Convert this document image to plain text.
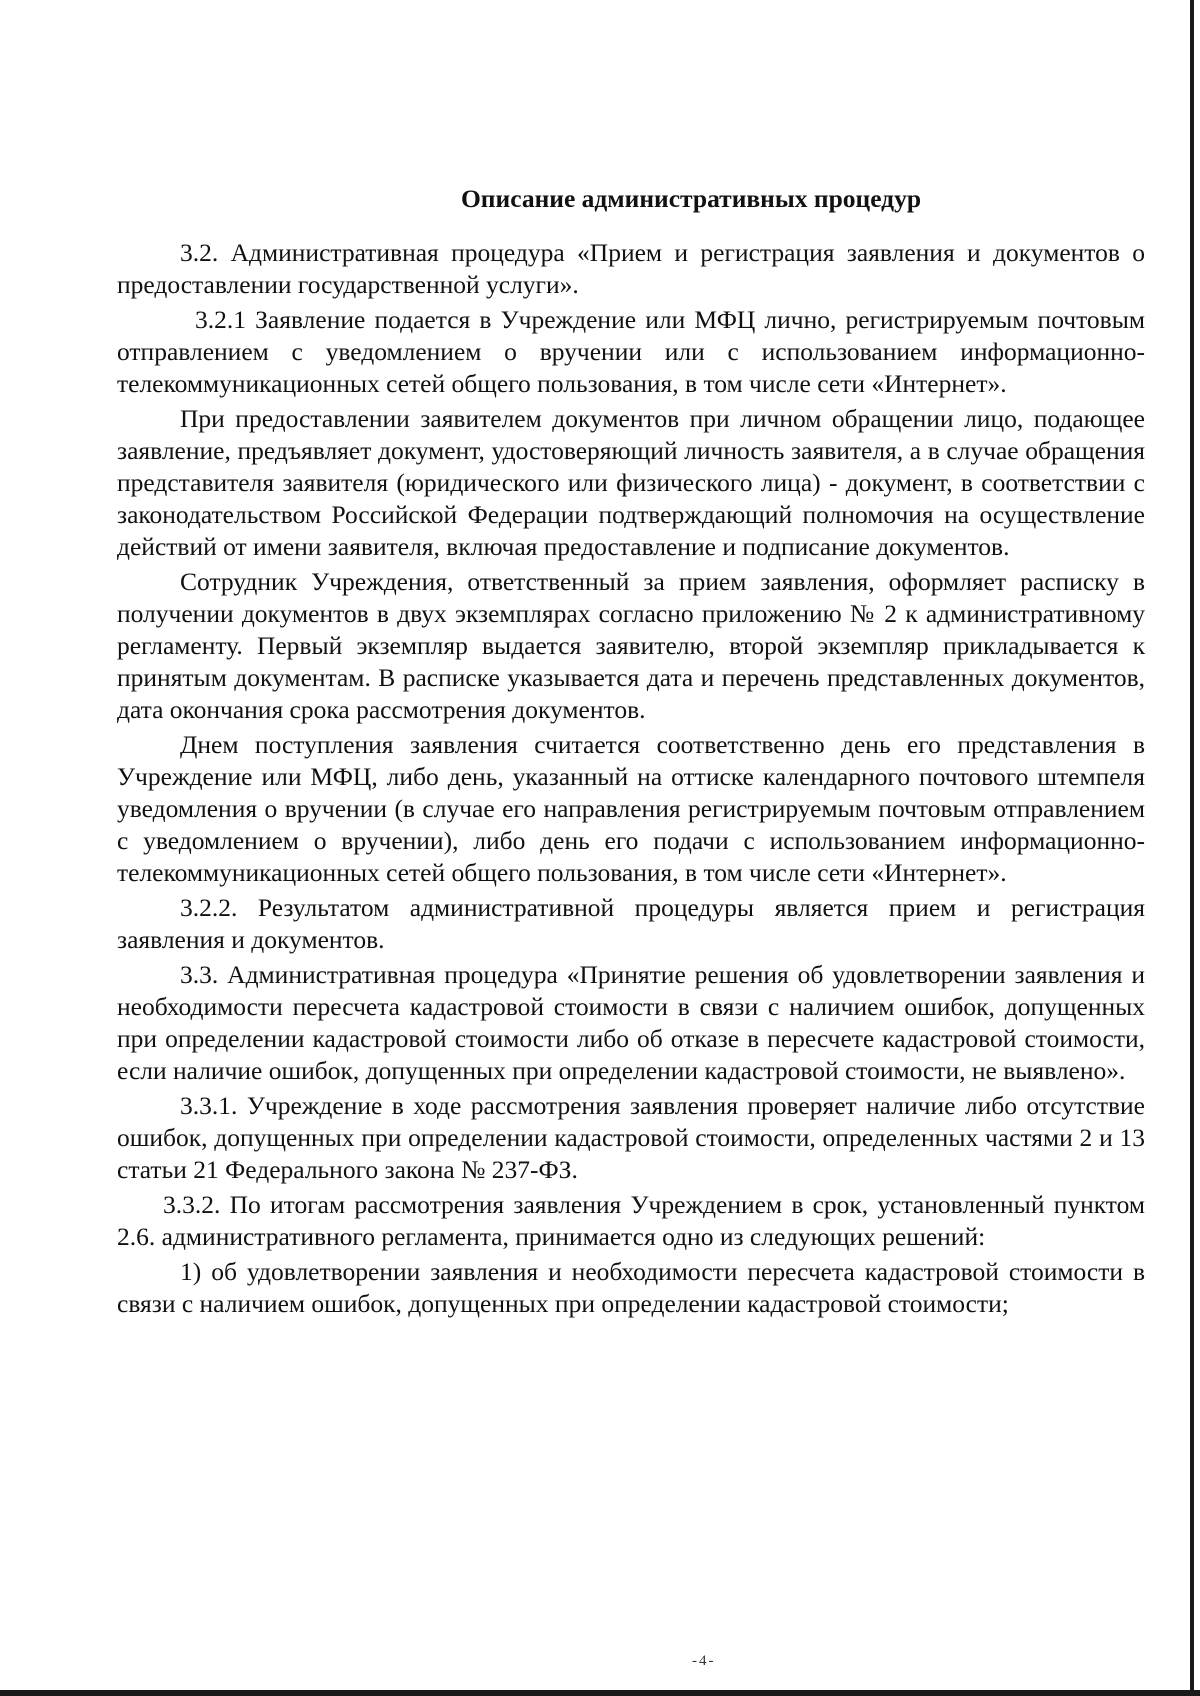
Описание административных процедур

3.2. Административная процедура «Прием и регистрация заявления и документов о предоставлении государственной услуги».

3.2.1 Заявление подается в Учреждение или МФЦ лично, регистрируемым почтовым отправлением с уведомлением о вручении или с использованием информационно-телекоммуникационных сетей общего пользования, в том числе сети «Интернет».

При предоставлении заявителем документов при личном обращении лицо, подающее заявление, предъявляет документ, удостоверяющий личность заявителя, а в случае обращения представителя заявителя (юридического или физического лица) - документ, в соответствии с законодательством Российской Федерации подтверждающий полномочия на осуществление действий от имени заявителя, включая предоставление и подписание документов.

Сотрудник Учреждения, ответственный за прием заявления, оформляет расписку в получении документов в двух экземплярах согласно приложению № 2 к административному регламенту. Первый экземпляр выдается заявителю, второй экземпляр прикладывается к принятым документам. В расписке указывается дата и перечень представленных документов, дата окончания срока рассмотрения документов.

Днем поступления заявления считается соответственно день его представления в Учреждение или МФЦ, либо день, указанный на оттиске календарного почтового штемпеля уведомления о вручении (в случае его направления регистрируемым почтовым отправлением с уведомлением о вручении), либо день его подачи с использованием информационно-телекоммуникационных сетей общего пользования, в том числе сети «Интернет».

3.2.2. Результатом административной процедуры является прием и регистрация заявления и документов.

3.3. Административная процедура «Принятие решения об удовлетворении заявления и необходимости пересчета кадастровой стоимости в связи с наличием ошибок, допущенных при определении кадастровой стоимости либо об отказе в пересчете кадастровой стоимости, если наличие ошибок, допущенных при определении кадастровой стоимости, не выявлено».

3.3.1. Учреждение в ходе рассмотрения заявления проверяет наличие либо отсутствие ошибок, допущенных при определении кадастровой стоимости, определенных частями 2 и 13 статьи 21 Федерального закона № 237-ФЗ.

3.3.2. По итогам рассмотрения заявления Учреждением в срок, установленный пунктом 2.6. административного регламента, принимается одно из следующих решений:

1) об удовлетворении заявления и необходимости пересчета кадастровой стоимости в связи с наличием ошибок, допущенных при определении кадастровой стоимости;

-4-
